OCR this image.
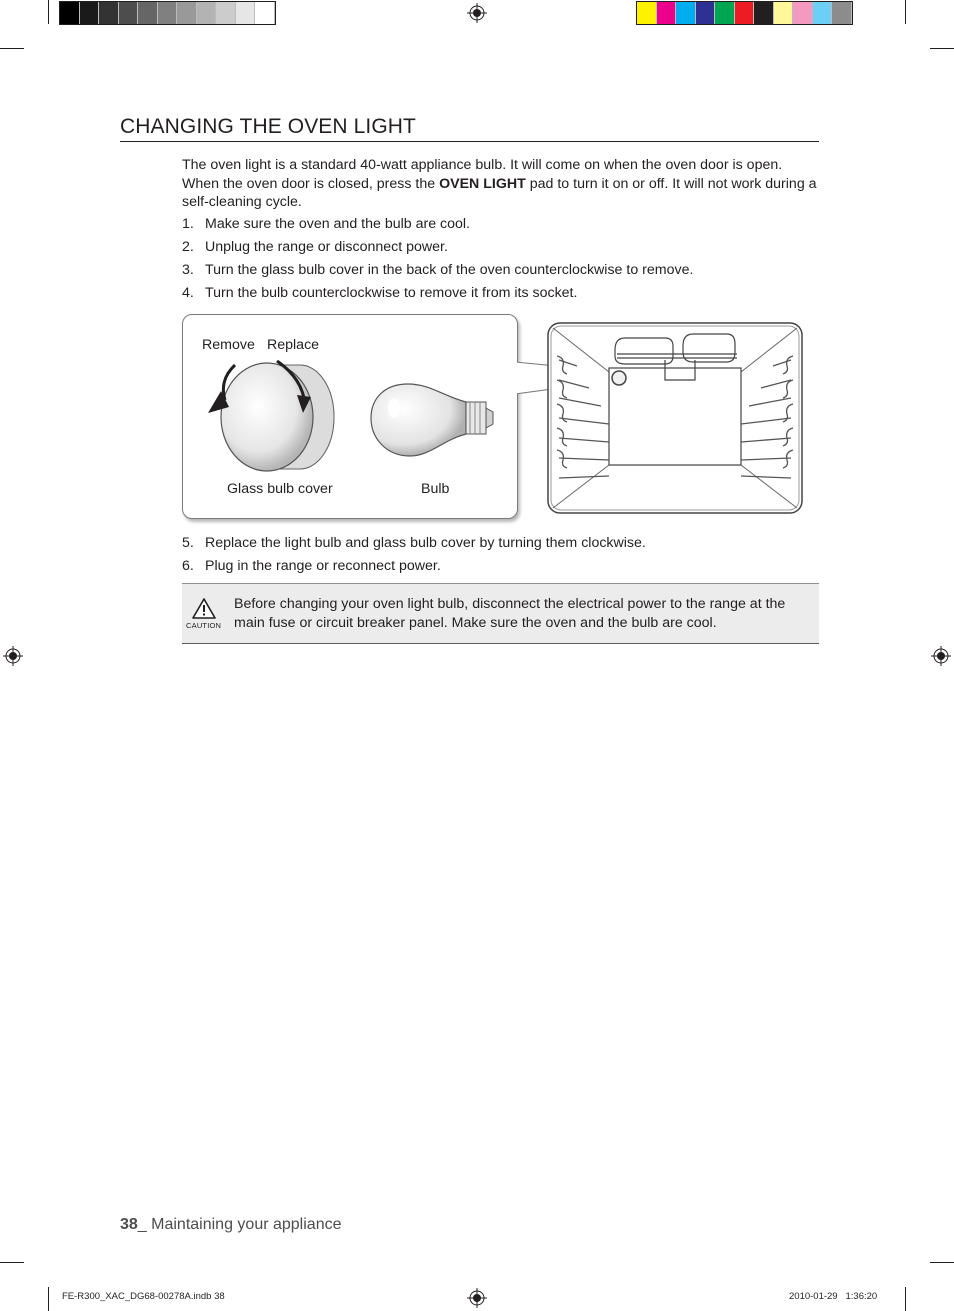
CHANGING THE OVEN LIGHT
The oven light is a standard 40-watt appliance bulb. It will come on when the oven door is open. When the oven door is closed, press the OVEN LIGHT pad to turn it on or off. It will not work during a self-cleaning cycle.
1. Make sure the oven and the bulb are cool.
2. Unplug the range or disconnect power.
3. Turn the glass bulb cover in the back of the oven counterclockwise to remove.
4. Turn the bulb counterclockwise to remove it from its socket.
Remove Replace
Glass bulb cover	Bulb
5. Replace the light bulb and glass bulb cover by turning them clockwise.
6. Plug in the range or reconnect power.
CAUTION
Before changing your oven light bulb, disconnect the electrical power to the range at the main fuse or circuit breaker panel. Make sure the oven and the bulb are cool.
38_ Maintaining your appliance
FE-R300_XAC_DG68-00278A.indb 38	2010-01-29   1:36:20
